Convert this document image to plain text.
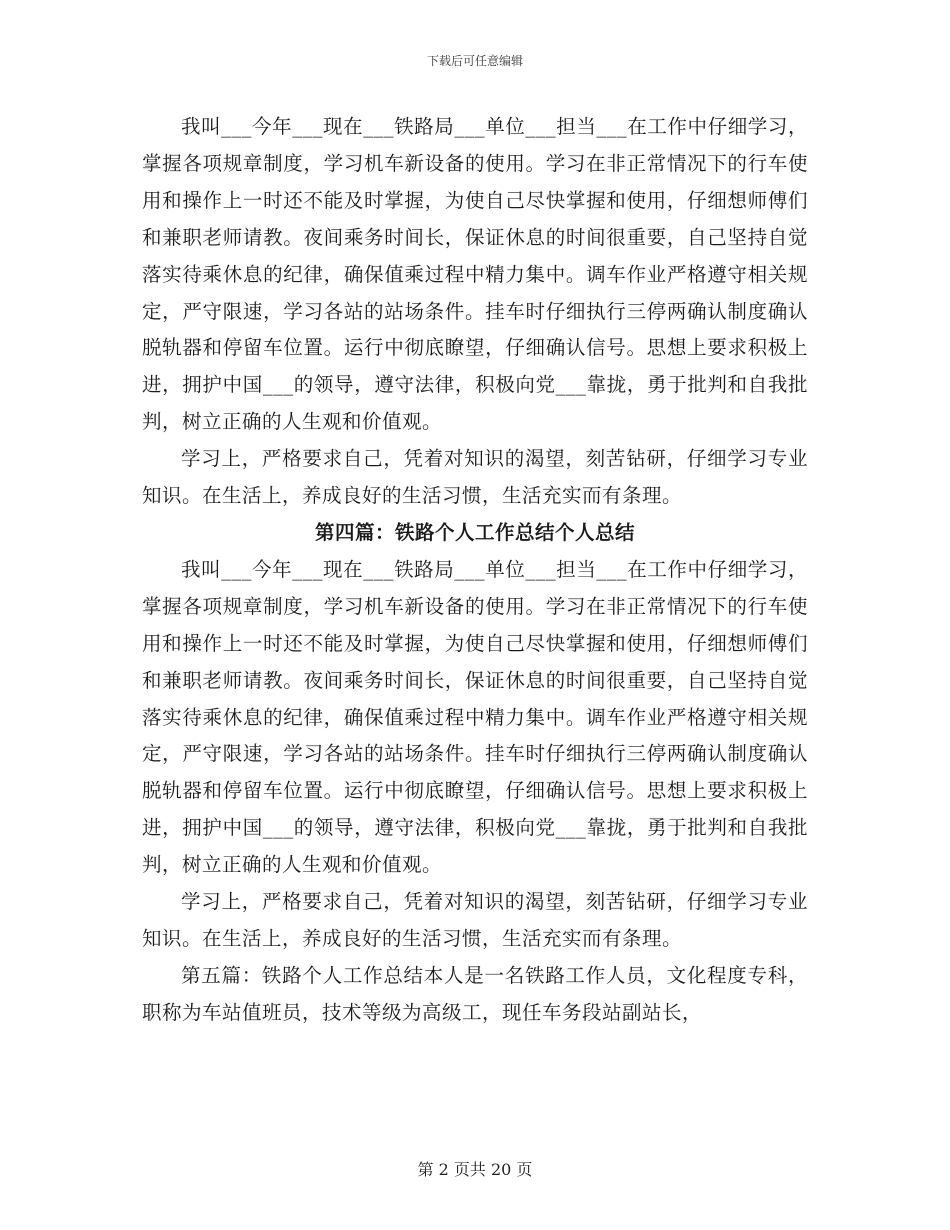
下载后可任意编辑

我叫___今年___现在___铁路局___单位___担当___在工作中仔细学习，掌握各项规章制度，学习机车新设备的使用。学习在非正常情况下的行车使用和操作上一时还不能及时掌握，为使自己尽快掌握和使用，仔细想师傅们和兼职老师请教。夜间乘务时间长，保证休息的时间很重要，自己坚持自觉落实待乘休息的纪律，确保值乘过程中精力集中。调车作业严格遵守相关规定，严守限速，学习各站的站场条件。挂车时仔细执行三停两确认制度确认脱轨器和停留车位置。运行中彻底瞭望，仔细确认信号。思想上要求积极上进，拥护中国___的领导，遵守法律，积极向党___靠拢，勇于批判和自我批判，树立正确的人生观和价值观。

学习上，严格要求自己，凭着对知识的渴望，刻苦钻研，仔细学习专业知识。在生活上，养成良好的生活习惯，生活充实而有条理。

第四篇：铁路个人工作总结个人总结

我叫___今年___现在___铁路局___单位___担当___在工作中仔细学习，掌握各项规章制度，学习机车新设备的使用。学习在非正常情况下的行车使用和操作上一时还不能及时掌握，为使自己尽快掌握和使用，仔细想师傅们和兼职老师请教。夜间乘务时间长，保证休息的时间很重要，自己坚持自觉落实待乘休息的纪律，确保值乘过程中精力集中。调车作业严格遵守相关规定，严守限速，学习各站的站场条件。挂车时仔细执行三停两确认制度确认脱轨器和停留车位置。运行中彻底瞭望，仔细确认信号。思想上要求积极上进，拥护中国___的领导，遵守法律，积极向党___靠拢，勇于批判和自我批判，树立正确的人生观和价值观。

学习上，严格要求自己，凭着对知识的渴望，刻苦钻研，仔细学习专业知识。在生活上，养成良好的生活习惯，生活充实而有条理。

第五篇：铁路个人工作总结本人是一名铁路工作人员，文化程度专科，职称为车站值班员，技术等级为高级工，现任车务段站副站长，

第 2 页共 20 页
